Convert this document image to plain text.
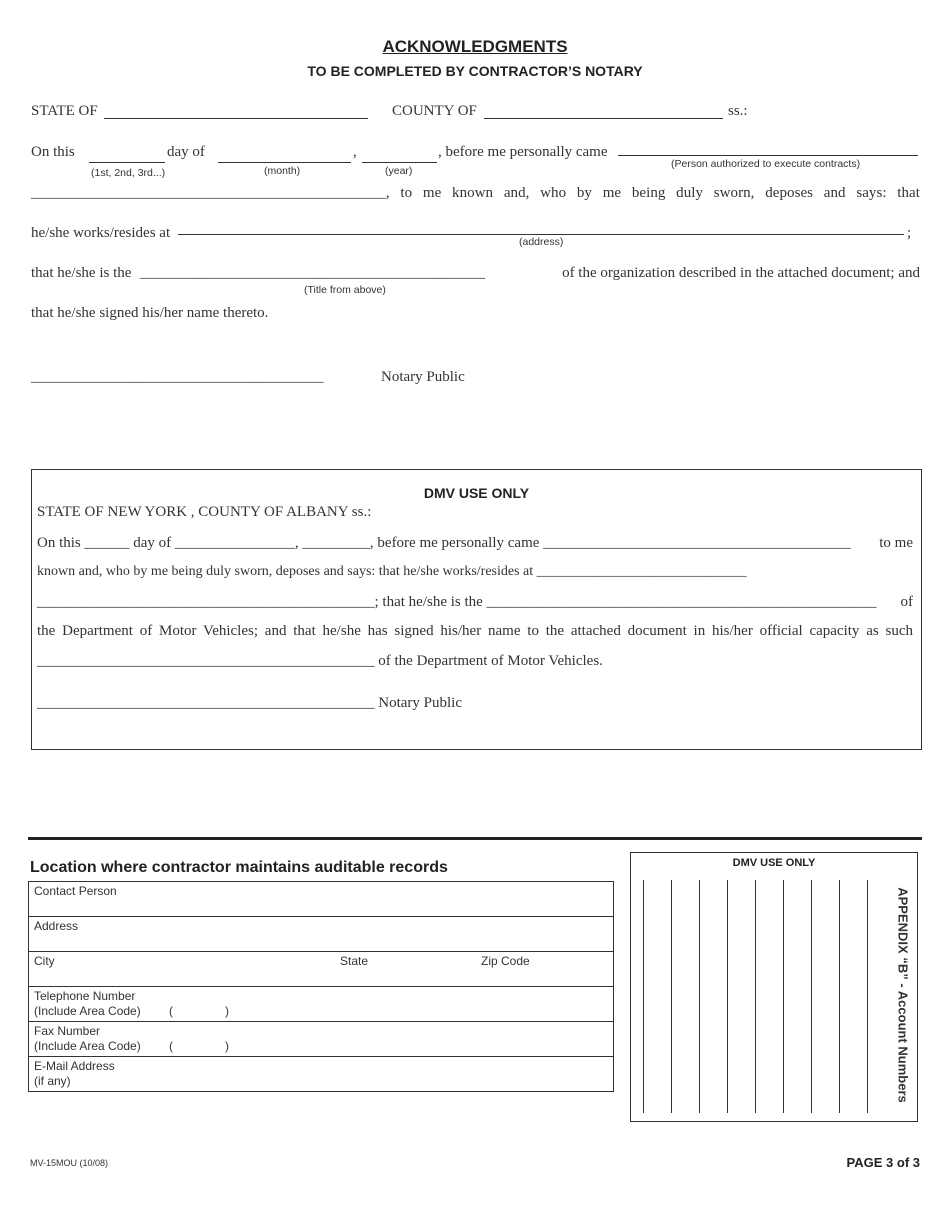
ACKNOWLEDGMENTS
TO BE COMPLETED BY CONTRACTOR’S NOTARY
STATE OF	COUNTY OF	ss.:
On this	day of	,	, before me personally came
(1st, 2nd, 3rd...)	(month)	(year)
(Person authorized to execute contracts)
_______________________________________________, to me known and, who by me being duly sworn, deposes and says: that
he/she works/resides at	;
(address)
that he/she is the ______________________________________________	of the organization described in the attached document; and
(Title from above)
that he/she signed his/her name thereto.
_______________________________________	Notary Public
DMV USE ONLY
STATE OF NEW YORK , COUNTY OF ALBANY ss.:
On this ______ day of ________________, _________, before me personally came _________________________________________	to me
known and, who by me being duly sworn, deposes and says: that he/she works/resides at ______________________________
_____________________________________________; that he/she is the ____________________________________________________	of
the Department of Motor Vehicles; and that he/she has signed his/her name to the attached document in his/her official capacity as such
_____________________________________________ of the Department of Motor Vehicles.
_____________________________________________ Notary Public
Location where contractor maintains auditable records
Contact Person
Address
City	State	Zip Code
Telephone Number
(Include Area Code) (	)
Fax Number
(Include Area Code) (	)
E-Mail Address
(if any)
DMV USE ONLY
APPENDIX “B” - Account Numbers
MV-15MOU (10/08)	PAGE 3 of 3
